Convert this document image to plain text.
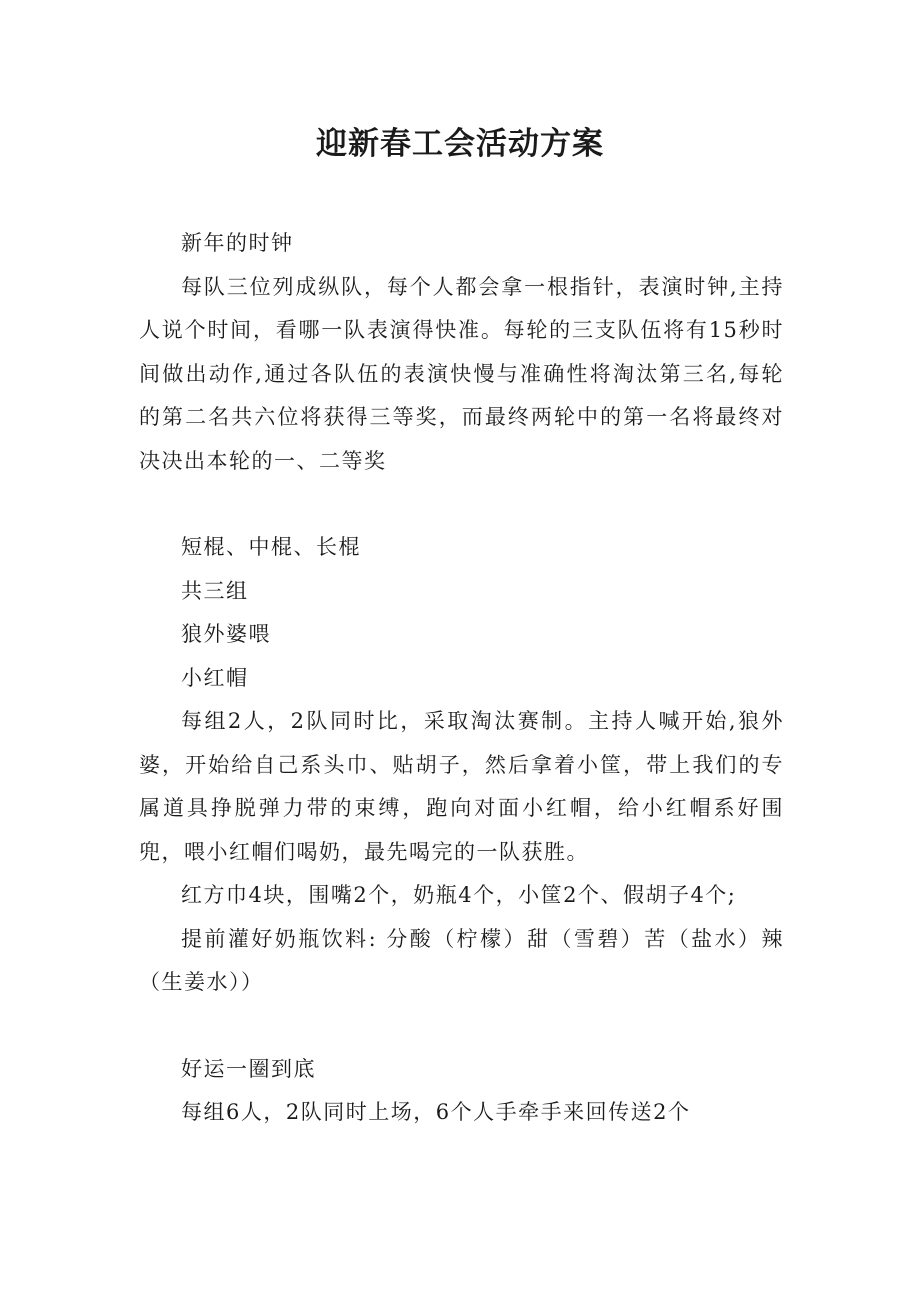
迎新春工会活动方案

新年的时钟

每队三位列成纵队，每个人都会拿一根指针，表演时钟,主持人说个时间，看哪一队表演得快准。每轮的三支队伍将有15秒时间做出动作,通过各队伍的表演快慢与准确性将淘汰第三名,每轮的第二名共六位将获得三等奖，而最终两轮中的第一名将最终对决决出本轮的一、二等奖

短棍、中棍、长棍

共三组

狼外婆喂

小红帽

每组2人，2队同时比，采取淘汰赛制。主持人喊开始,狼外婆，开始给自己系头巾、贴胡子，然后拿着小筐，带上我们的专属道具挣脱弹力带的束缚，跑向对面小红帽，给小红帽系好围兜，喂小红帽们喝奶，最先喝完的一队获胜。

红方巾4块，围嘴2个，奶瓶4个，小筐2个、假胡子4个;

提前灌好奶瓶饮料: 分酸（柠檬）甜（雪碧）苦（盐水）辣（生姜水））

好运一圈到底

每组6人，2队同时上场，6个人手牵手来回传送2个
